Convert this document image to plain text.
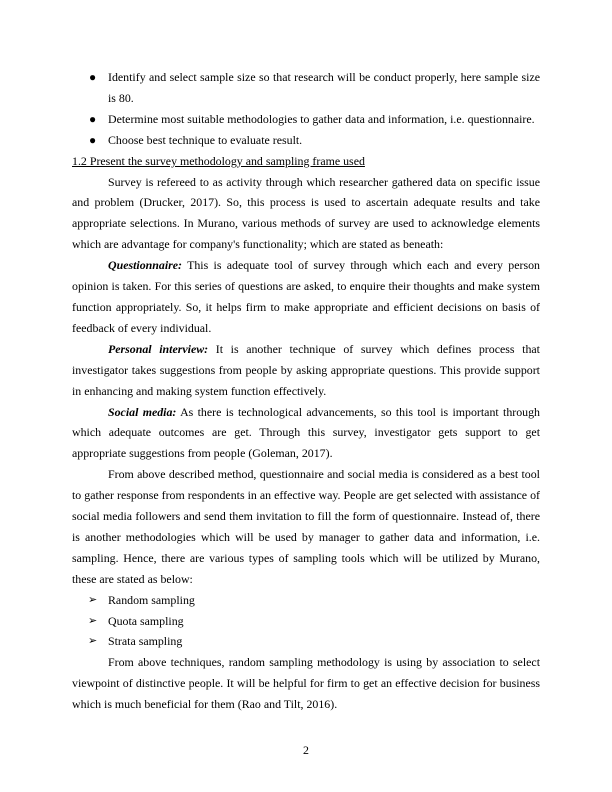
● Identify and select sample size so that research will be conduct properly, here sample size is 80.
● Determine most suitable methodologies to gather data and information, i.e. questionnaire.
● Choose best technique to evaluate result.
1.2 Present the survey methodology and sampling frame used

Survey is refereed to as activity through which researcher gathered data on specific issue and problem (Drucker, 2017). So, this process is used to ascertain adequate results and take appropriate selections. In Murano, various methods of survey are used to acknowledge elements which are advantage for company's functionality; which are stated as beneath:

Questionnaire: This is adequate tool of survey through which each and every person opinion is taken. For this series of questions are asked, to enquire their thoughts and make system function appropriately. So, it helps firm to make appropriate and efficient decisions on basis of feedback of every individual.

Personal interview: It is another technique of survey which defines process that investigator takes suggestions from people by asking appropriate questions. This provide support in enhancing and making system function effectively.

Social media: As there is technological advancements, so this tool is important through which adequate outcomes are get. Through this survey, investigator gets support to get appropriate suggestions from people (Goleman, 2017).

From above described method, questionnaire and social media is considered as a best tool to gather response from respondents in an effective way. People are get selected with assistance of social media followers and send them invitation to fill the form of questionnaire. Instead of, there is another methodologies which will be used by manager to gather data and information, i.e. sampling. Hence, there are various types of sampling tools which will be utilized by Murano, these are stated as below:

➢ Random sampling
➢ Quota sampling
➢ Strata sampling

From above techniques, random sampling methodology is using by association to select viewpoint of distinctive people. It will be helpful for firm to get an effective decision for business which is much beneficial for them (Rao and Tilt, 2016).

2
